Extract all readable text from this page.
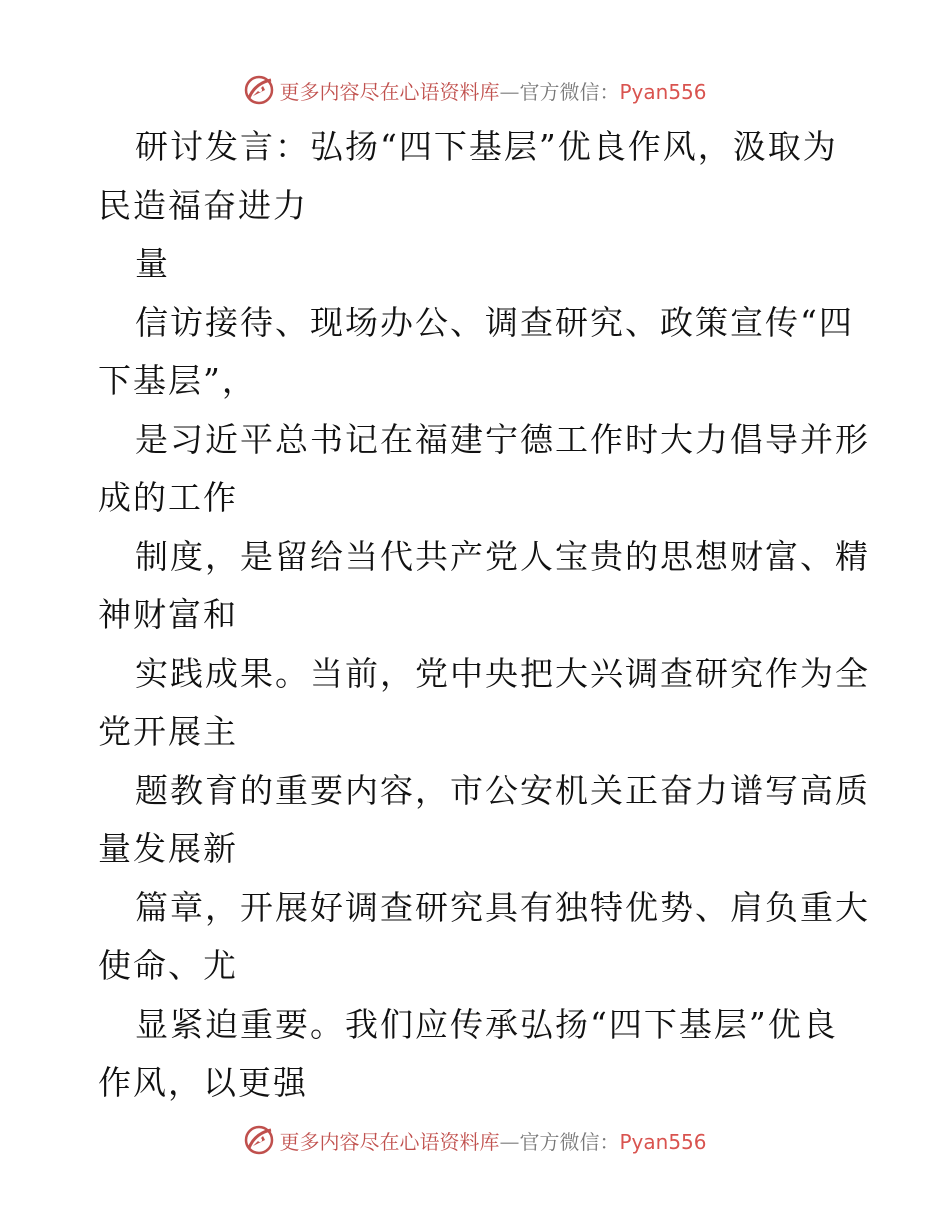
更多内容尽在心语资料库—官方微信：Pyan556
研讨发言：弘扬“四下基层”优良作风，汲取为
民造福奋进力
量
信访接待、现场办公、调查研究、政策宣传“四
下基层”，
是习近平总书记在福建宁德工作时大力倡导并形
成的工作
制度，是留给当代共产党人宝贵的思想财富、精
神财富和
实践成果。当前，党中央把大兴调查研究作为全
党开展主
题教育的重要内容，市公安机关正奋力谱写高质
量发展新
篇章，开展好调查研究具有独特优势、肩负重大
使命、尤
显紧迫重要。我们应传承弘扬“四下基层”优良
作风，以更强
更多内容尽在心语资料库—官方微信：Pyan556
